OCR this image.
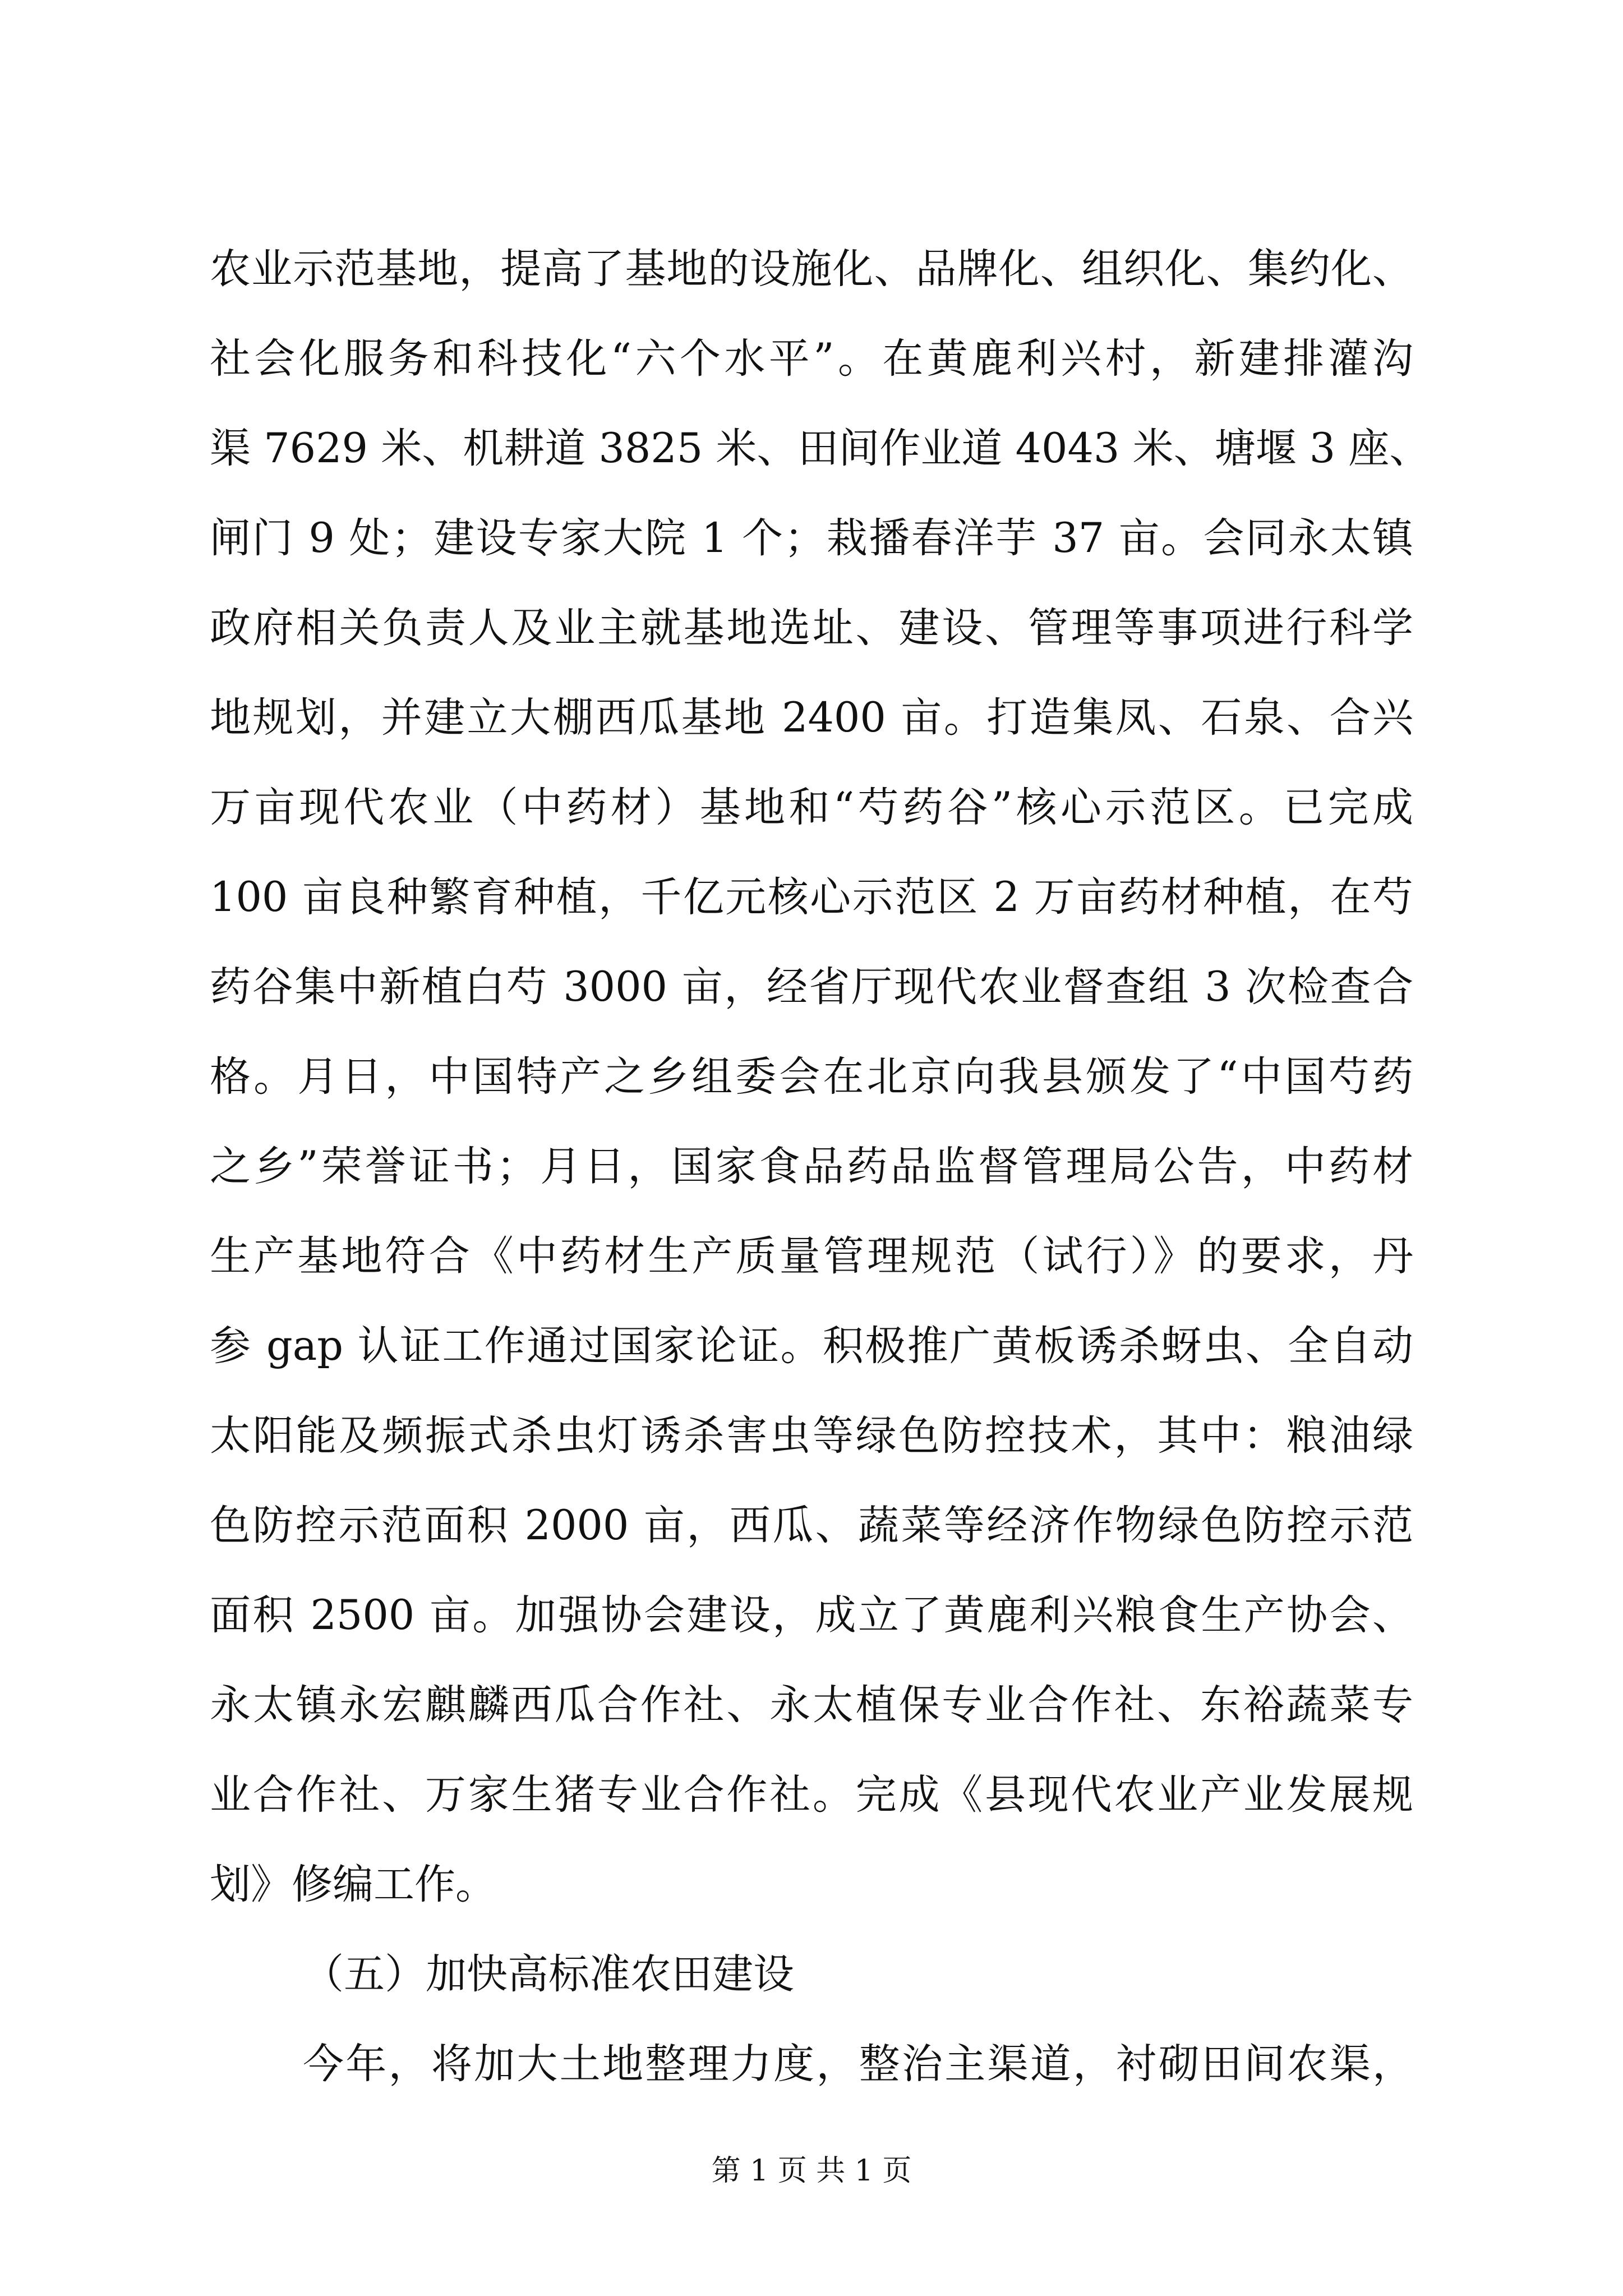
农业示范基地，提高了基地的设施化、品牌化、组织化、集约化、
社会化服务和科技化“六个水平”。在黄鹿利兴村，新建排灌沟
渠 7629 米、机耕道 3825 米、田间作业道 4043 米、塘堰 3 座、
闸门 9 处；建设专家大院 1 个；栽播春洋芋 37 亩。会同永太镇
政府相关负责人及业主就基地选址、建设、管理等事项进行科学
地规划，并建立大棚西瓜基地 2400 亩。打造集凤、石泉、合兴
万亩现代农业（中药材）基地和“芍药谷”核心示范区。已完成
100 亩良种繁育种植，千亿元核心示范区 2 万亩药材种植，在芍
药谷集中新植白芍 3000 亩，经省厅现代农业督查组 3 次检查合
格。月日，中国特产之乡组委会在北京向我县颁发了“中国芍药
之乡”荣誉证书；月日，国家食品药品监督管理局公告，中药材
生产基地符合《中药材生产质量管理规范（试行）》的要求，丹
参 gap 认证工作通过国家论证。积极推广黄板诱杀蚜虫、全自动
太阳能及频振式杀虫灯诱杀害虫等绿色防控技术，其中：粮油绿
色防控示范面积 2000 亩，西瓜、蔬菜等经济作物绿色防控示范
面积 2500 亩。加强协会建设，成立了黄鹿利兴粮食生产协会、
永太镇永宏麒麟西瓜合作社、永太植保专业合作社、东裕蔬菜专
业合作社、万家生猪专业合作社。完成《县现代农业产业发展规
划》修编工作。
（五）加快高标准农田建设
今年，将加大土地整理力度，整治主渠道，衬砌田间农渠，
第 1 页 共 1 页
